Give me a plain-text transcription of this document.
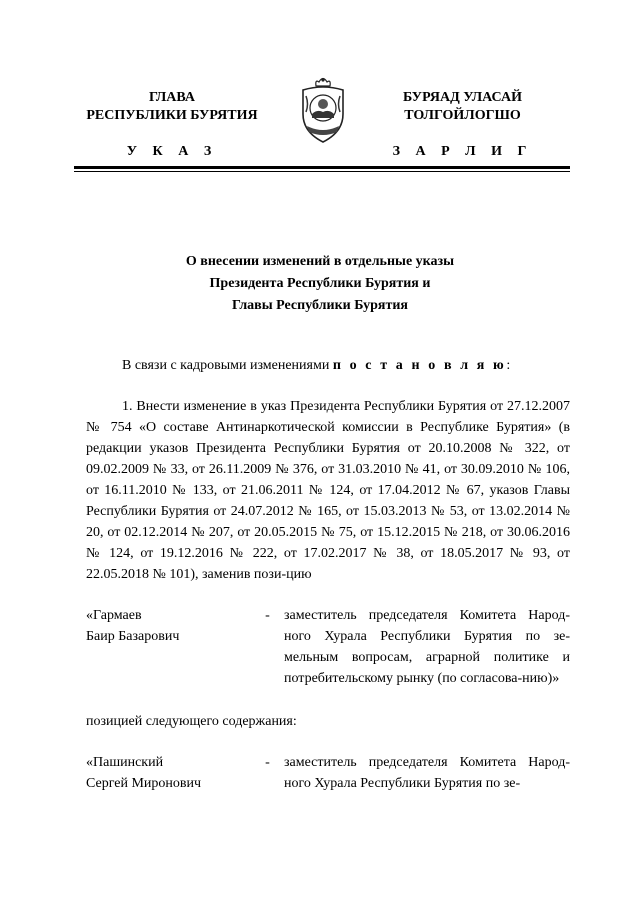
ГЛАВА
РЕСПУБЛИКИ БУРЯТИЯ
У К А З
БУРЯАД УЛАСАЙ
ТОЛГОЙЛОГШО
З А Р Л И Г
О внесении изменений в отдельные указы
Президента Республики Бурятия и
Главы Республики Бурятия

В связи с кадровыми изменениями п о с т а н о в л я ю:

1. Внести изменение в указ Президента Республики Бурятия от 27.12.2007 № 754 «О составе Антинаркотической комиссии в Республике Бурятия» (в редакции указов Президента Республики Бурятия от 20.10.2008 № 322, от 09.02.2009 № 33, от 26.11.2009 № 376, от 31.03.2010 № 41, от 30.09.2010 № 106, от 16.11.2010 № 133, от 21.06.2011 № 124, от 17.04.2012 № 67, указов Главы Республики Бурятия от 24.07.2012 № 165, от 15.03.2013 № 53, от 13.02.2014 № 20, от 02.12.2014 № 207, от 20.05.2015 № 75, от 15.12.2015 № 218, от 30.06.2016 № 124, от 19.12.2016 № 222, от 17.02.2017 № 38, от 18.05.2017 № 93, от 22.05.2018 № 101), заменив пози-цию

«Гармаев
Баир Базарович
-	заместитель председателя Комитета Народ-ного Хурала Республики Бурятия по зе-мельным вопросам, аграрной политике и потребительскому рынку (по согласова-нию)»

позицией следующего содержания:

«Пашинский
Сергей Миронович
-	заместитель председателя Комитета Народ-ного Хурала Республики Бурятия по зе-
